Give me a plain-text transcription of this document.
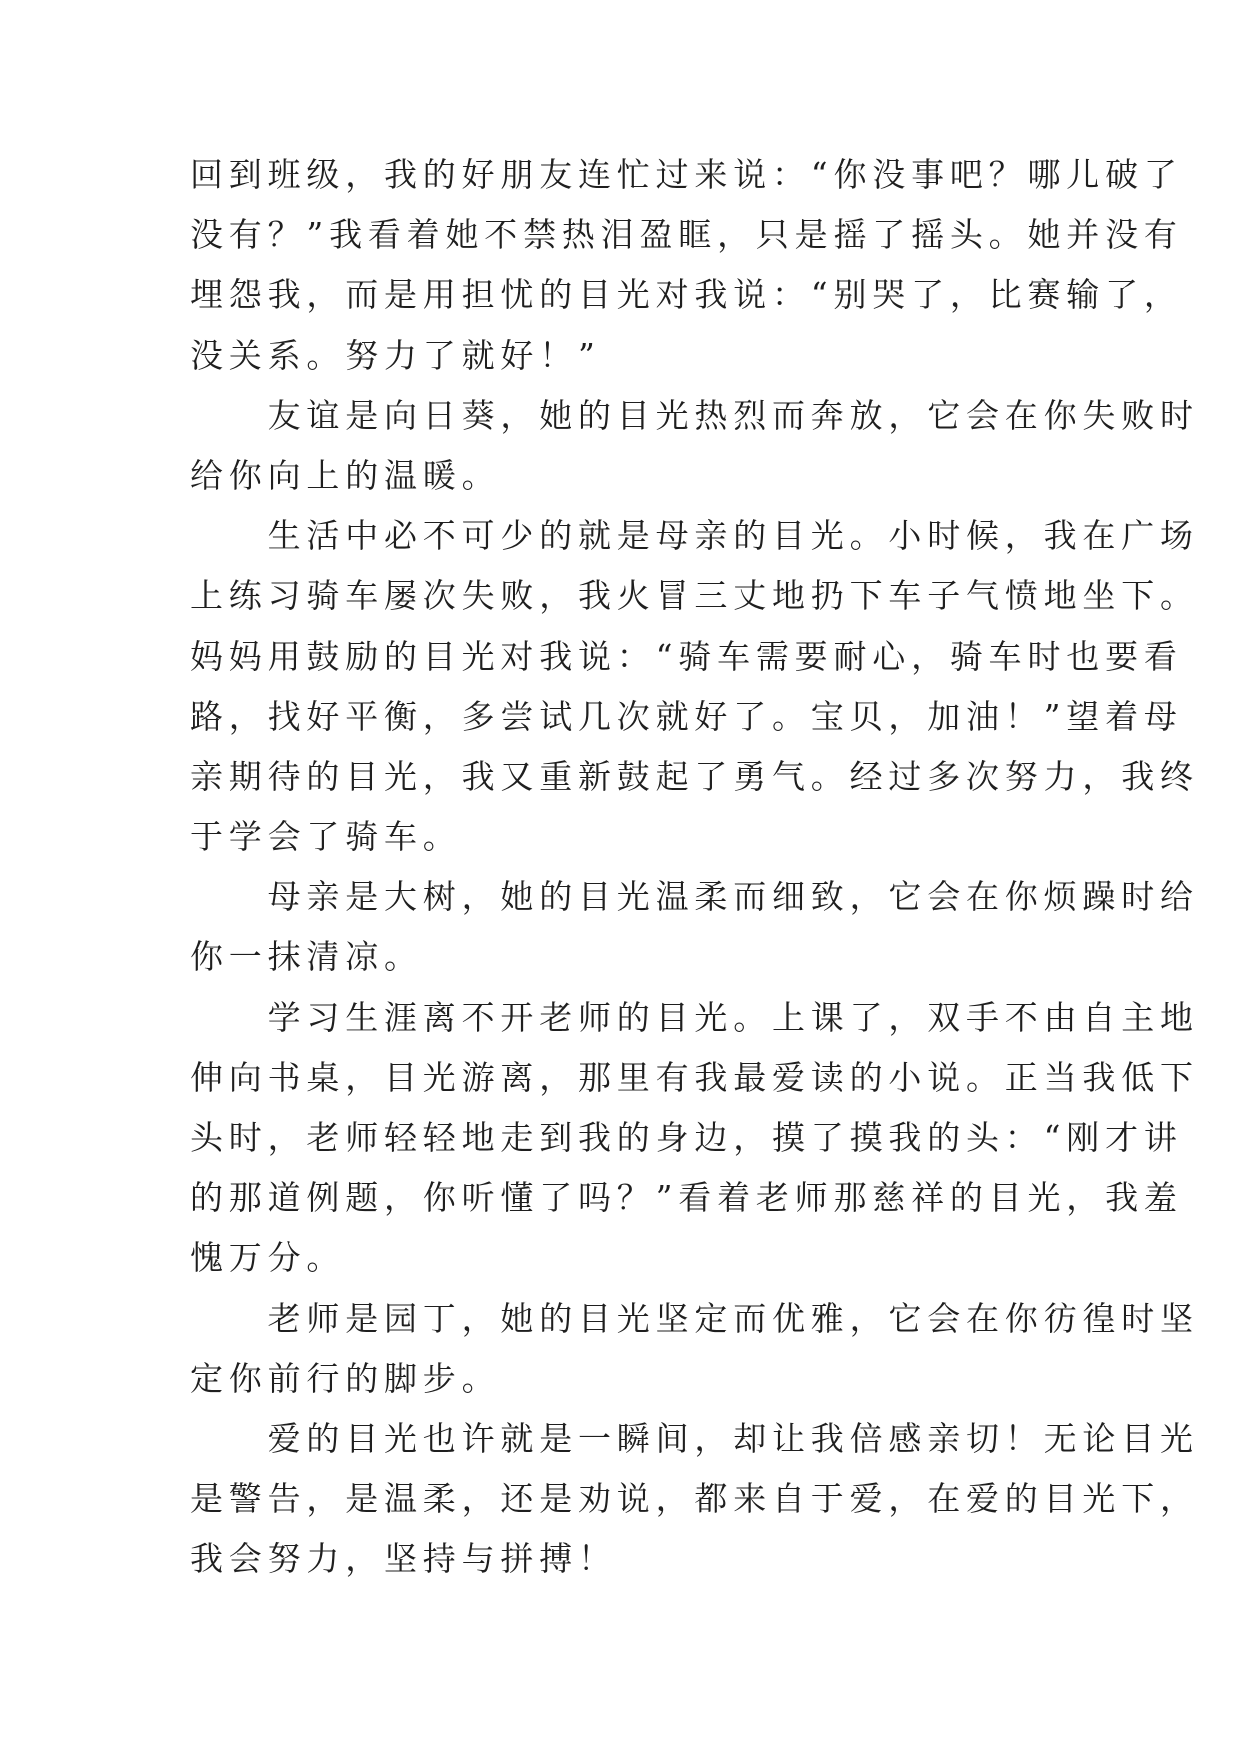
回到班级，我的好朋友连忙过来说：“你没事吧？哪儿破了
没有？”我看着她不禁热泪盈眶，只是摇了摇头。她并没有
埋怨我，而是用担忧的目光对我说：“别哭了，比赛输了，
没关系。努力了就好！”
　　友谊是向日葵，她的目光热烈而奔放，它会在你失败时
给你向上的温暖。
　　生活中必不可少的就是母亲的目光。小时候，我在广场
上练习骑车屡次失败，我火冒三丈地扔下车子气愤地坐下。
妈妈用鼓励的目光对我说：“骑车需要耐心，骑车时也要看
路，找好平衡，多尝试几次就好了。宝贝，加油！”望着母
亲期待的目光，我又重新鼓起了勇气。经过多次努力，我终
于学会了骑车。
　　母亲是大树，她的目光温柔而细致，它会在你烦躁时给
你一抹清凉。
　　学习生涯离不开老师的目光。上课了，双手不由自主地
伸向书桌，目光游离，那里有我最爱读的小说。正当我低下
头时，老师轻轻地走到我的身边，摸了摸我的头：“刚才讲
的那道例题，你听懂了吗？”看着老师那慈祥的目光，我羞
愧万分。
　　老师是园丁，她的目光坚定而优雅，它会在你彷徨时坚
定你前行的脚步。
　　爱的目光也许就是一瞬间，却让我倍感亲切！无论目光
是警告，是温柔，还是劝说，都来自于爱，在爱的目光下，
我会努力，坚持与拼搏！
